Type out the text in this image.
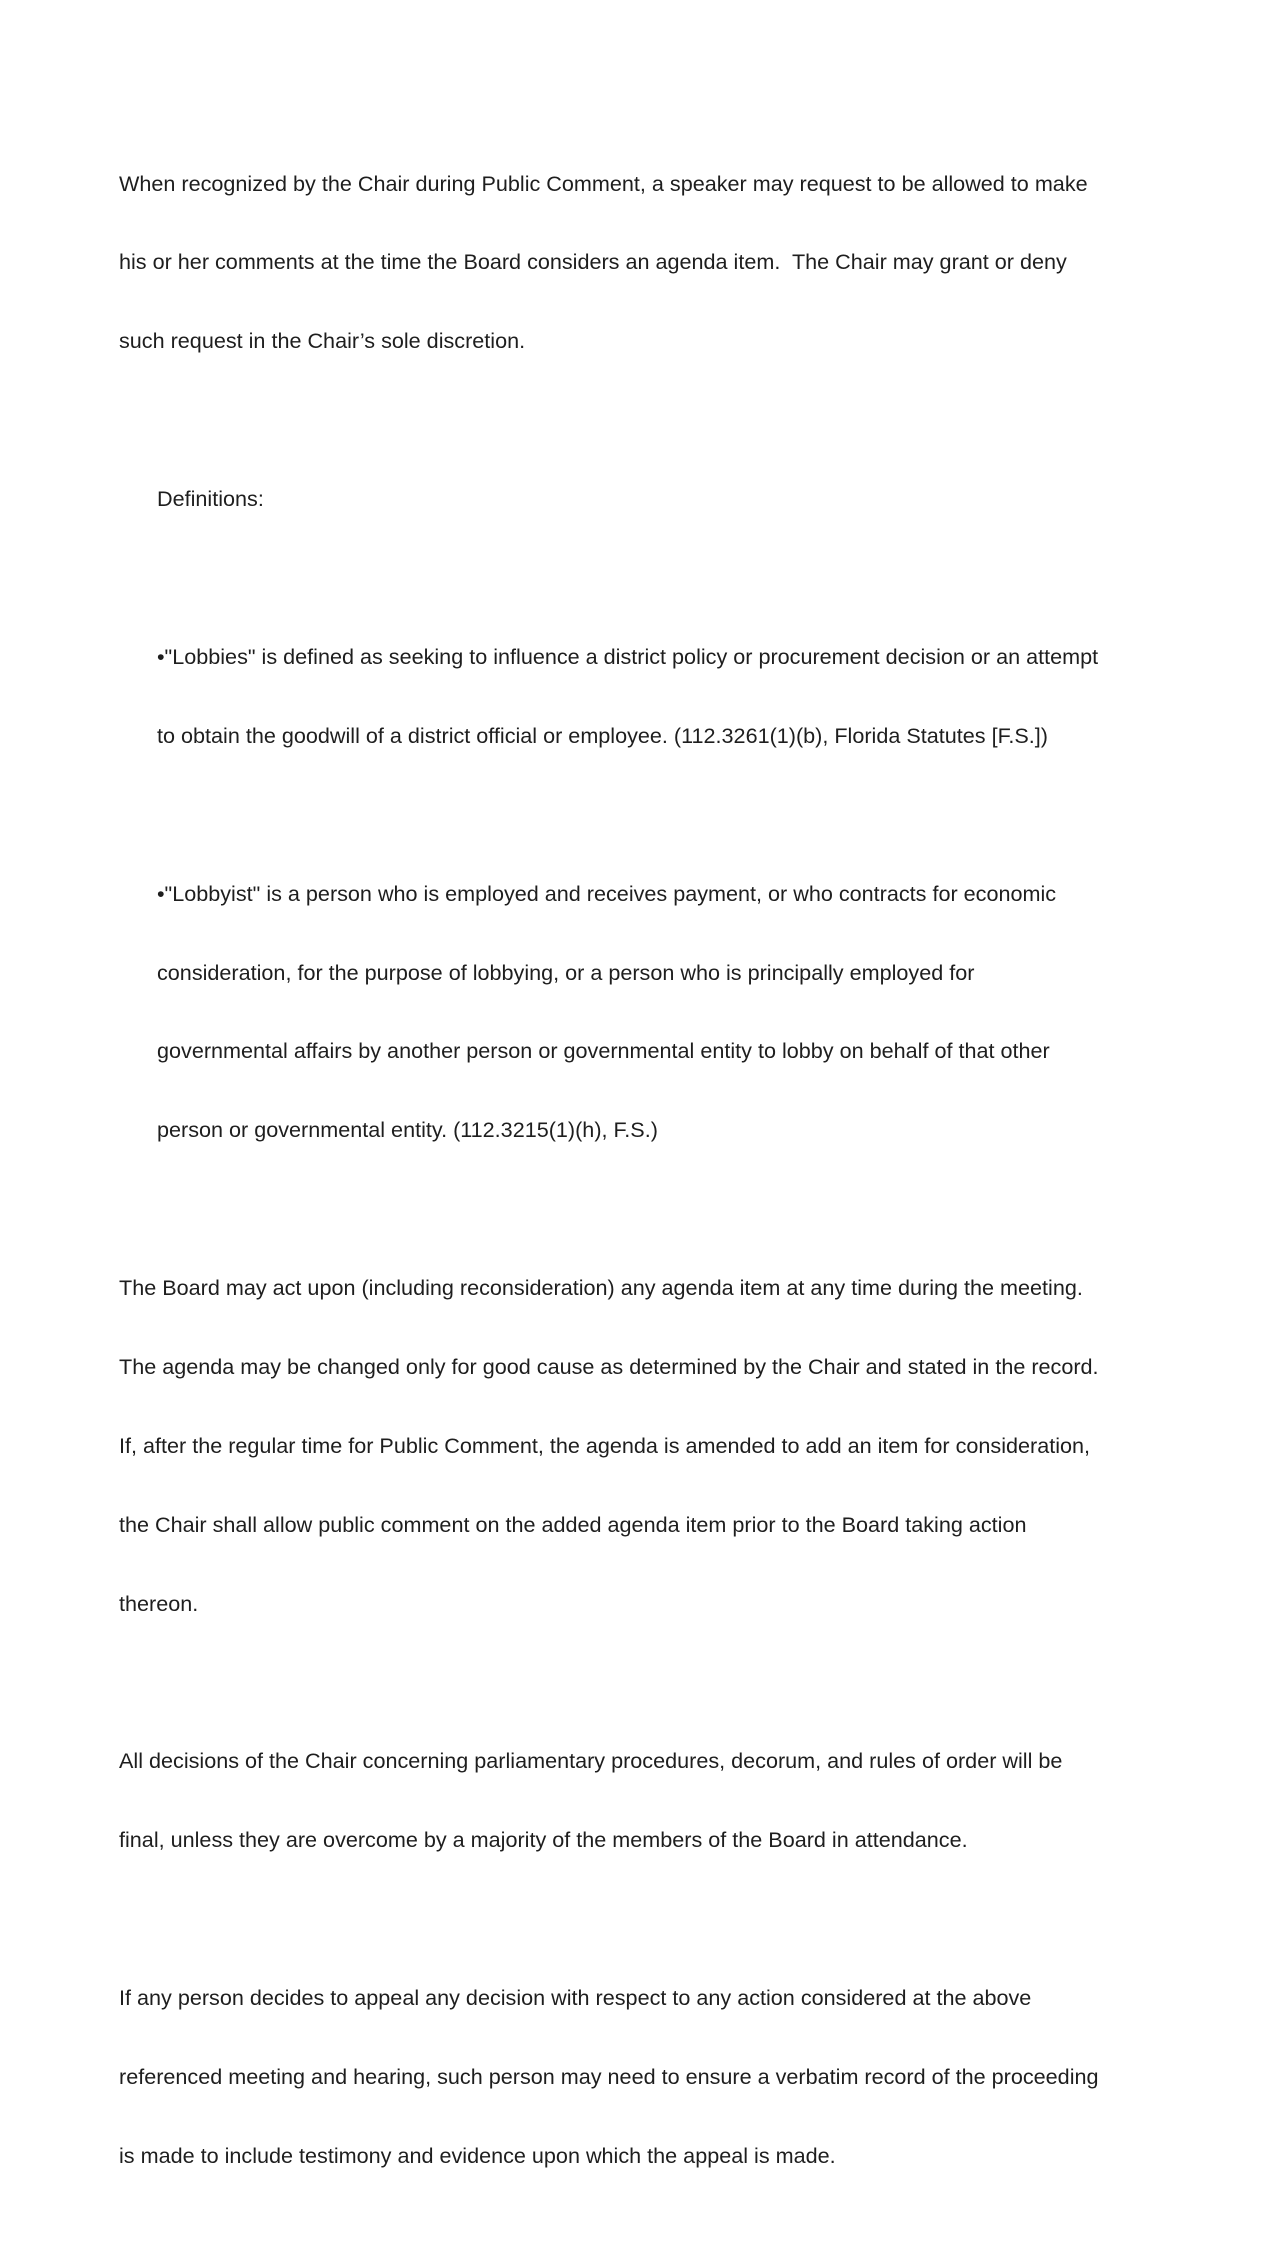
When recognized by the Chair during Public Comment, a speaker may request to be allowed to make

his or her comments at the time the Board considers an agenda item.  The Chair may grant or deny

such request in the Chair’s sole discretion.

Definitions:

•"Lobbies" is defined as seeking to influence a district policy or procurement decision or an attempt

to obtain the goodwill of a district official or employee. (112.3261(1)(b), Florida Statutes [F.S.])

•"Lobbyist" is a person who is employed and receives payment, or who contracts for economic

consideration, for the purpose of lobbying, or a person who is principally employed for

governmental affairs by another person or governmental entity to lobby on behalf of that other

person or governmental entity. (112.3215(1)(h), F.S.)

The Board may act upon (including reconsideration) any agenda item at any time during the meeting.

The agenda may be changed only for good cause as determined by the Chair and stated in the record.

If, after the regular time for Public Comment, the agenda is amended to add an item for consideration,

the Chair shall allow public comment on the added agenda item prior to the Board taking action

thereon.

All decisions of the Chair concerning parliamentary procedures, decorum, and rules of order will be

final, unless they are overcome by a majority of the members of the Board in attendance.

If any person decides to appeal any decision with respect to any action considered at the above

referenced meeting and hearing, such person may need to ensure a verbatim record of the proceeding

is made to include testimony and evidence upon which the appeal is made.
